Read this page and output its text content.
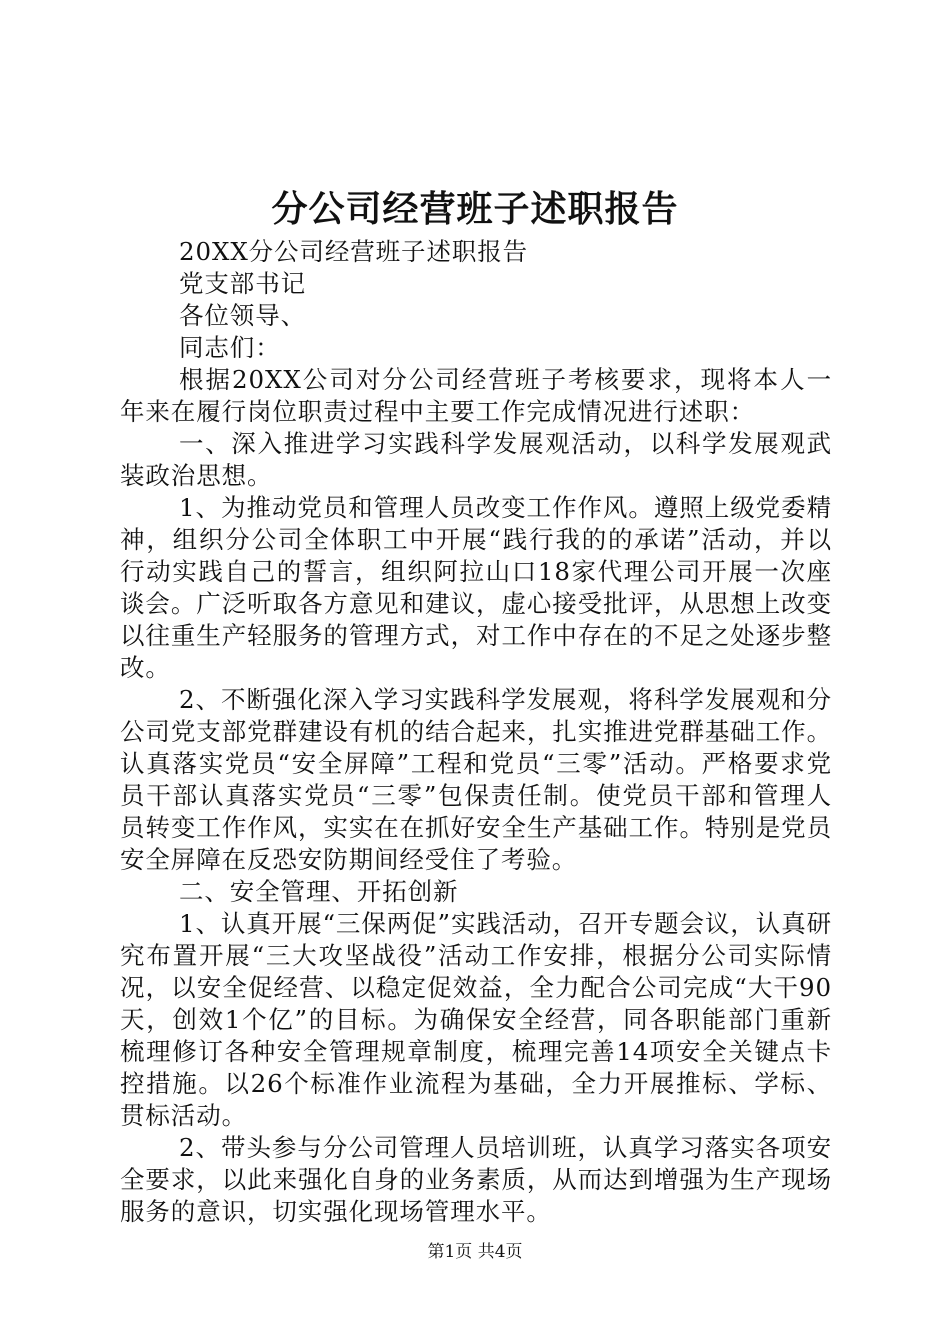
分公司经营班子述职报告

20XX分公司经营班子述职报告

党支部书记

各位领导、

同志们：

根据20XX公司对分公司经营班子考核要求，现将本人一年来在履行岗位职责过程中主要工作完成情况进行述职：

一、深入推进学习实践科学发展观活动，以科学发展观武装政治思想。

1、为推动党员和管理人员改变工作作风。遵照上级党委精神，组织分公司全体职工中开展“践行我的的承诺”活动，并以行动实践自己的誓言，组织阿拉山口18家代理公司开展一次座谈会。广泛听取各方意见和建议，虚心接受批评，从思想上改变以往重生产轻服务的管理方式，对工作中存在的不足之处逐步整改。

2、不断强化深入学习实践科学发展观，将科学发展观和分公司党支部党群建设有机的结合起来，扎实推进党群基础工作。认真落实党员“安全屏障”工程和党员“三零”活动。严格要求党员干部认真落实党员“三零”包保责任制。使党员干部和管理人员转变工作作风，实实在在抓好安全生产基础工作。特别是党员安全屏障在反恐安防期间经受住了考验。

二、安全管理、开拓创新

1、认真开展“三保两促”实践活动，召开专题会议，认真研究布置开展“三大攻坚战役”活动工作安排，根据分公司实际情况，以安全促经营、以稳定促效益，全力配合公司完成“大干90天，创效1个亿”的目标。为确保安全经营，同各职能部门重新梳理修订各种安全管理规章制度，梳理完善14项安全关键点卡控措施。以26个标准作业流程为基础，全力开展推标、学标、贯标活动。

2、带头参与分公司管理人员培训班，认真学习落实各项安全要求，以此来强化自身的业务素质，从而达到增强为生产现场服务的意识，切实强化现场管理水平。

第1页 共4页
